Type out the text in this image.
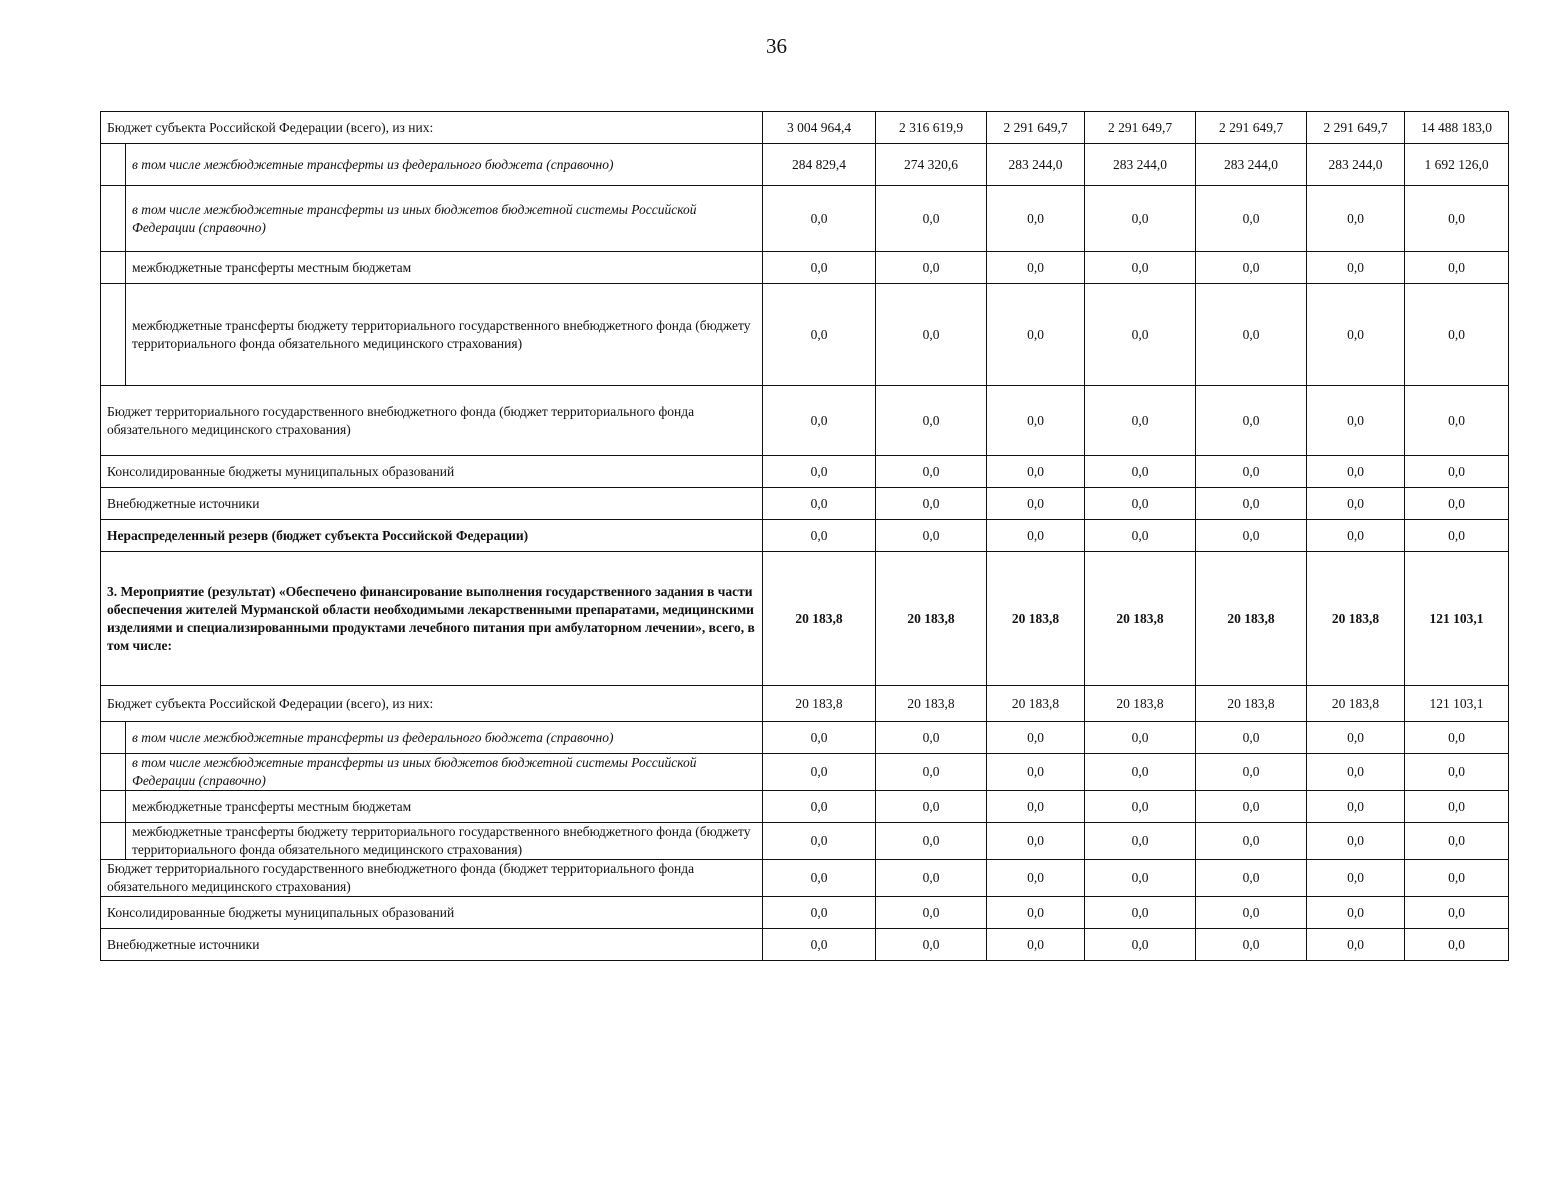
36
Бюджет субъекта Российской Федерации (всего), из них:		3 004 964,4	2 316 619,9	2 291 649,7	2 291 649,7	2 291 649,7	2 291 649,7	14 488 183,0
	в том числе межбюджетные трансферты из федерального бюджета (справочно)	284 829,4	274 320,6	283 244,0	283 244,0	283 244,0	283 244,0	1 692 126,0
	в том числе межбюджетные трансферты из иных бюджетов бюджетной системы Российской Федерации (справочно)	0,0	0,0	0,0	0,0	0,0	0,0	0,0
	межбюджетные трансферты местным бюджетам	0,0	0,0	0,0	0,0	0,0	0,0	0,0
	межбюджетные трансферты бюджету территориального государственного внебюджетного фонда (бюджету территориального фонда обязательного медицинского страхования)	0,0	0,0	0,0	0,0	0,0	0,0	0,0
Бюджет территориального государственного внебюджетного фонда (бюджет территориального фонда обязательного медицинского страхования)		0,0	0,0	0,0	0,0	0,0	0,0	0,0
Консолидированные бюджеты муниципальных образований		0,0	0,0	0,0	0,0	0,0	0,0	0,0
Внебюджетные источники		0,0	0,0	0,0	0,0	0,0	0,0	0,0
Нераспределенный резерв (бюджет субъекта Российской Федерации)		0,0	0,0	0,0	0,0	0,0	0,0	0,0
3. Мероприятие (результат) «Обеспечено финансирование выполнения государственного задания в части обеспечения жителей Мурманской области необходимыми лекарственными препаратами, медицинскими изделиями и специализированными продуктами лечебного питания при амбулаторном лечении», всего, в том числе:		20 183,8	20 183,8	20 183,8	20 183,8	20 183,8	20 183,8	121 103,1
Бюджет субъекта Российской Федерации (всего), из них:		20 183,8	20 183,8	20 183,8	20 183,8	20 183,8	20 183,8	121 103,1
	в том числе межбюджетные трансферты из федерального бюджета (справочно)	0,0	0,0	0,0	0,0	0,0	0,0	0,0
	в том числе межбюджетные трансферты из иных бюджетов бюджетной системы Российской Федерации (справочно)	0,0	0,0	0,0	0,0	0,0	0,0	0,0
	межбюджетные трансферты местным бюджетам	0,0	0,0	0,0	0,0	0,0	0,0	0,0
	межбюджетные трансферты бюджету территориального государственного внебюджетного фонда (бюджету территориального фонда обязательного медицинского страхования)	0,0	0,0	0,0	0,0	0,0	0,0	0,0
Бюджет территориального государственного внебюджетного фонда (бюджет территориального фонда обязательного медицинского страхования)		0,0	0,0	0,0	0,0	0,0	0,0	0,0
Консолидированные бюджеты муниципальных образований		0,0	0,0	0,0	0,0	0,0	0,0	0,0
Внебюджетные источники		0,0	0,0	0,0	0,0	0,0	0,0	0,0
